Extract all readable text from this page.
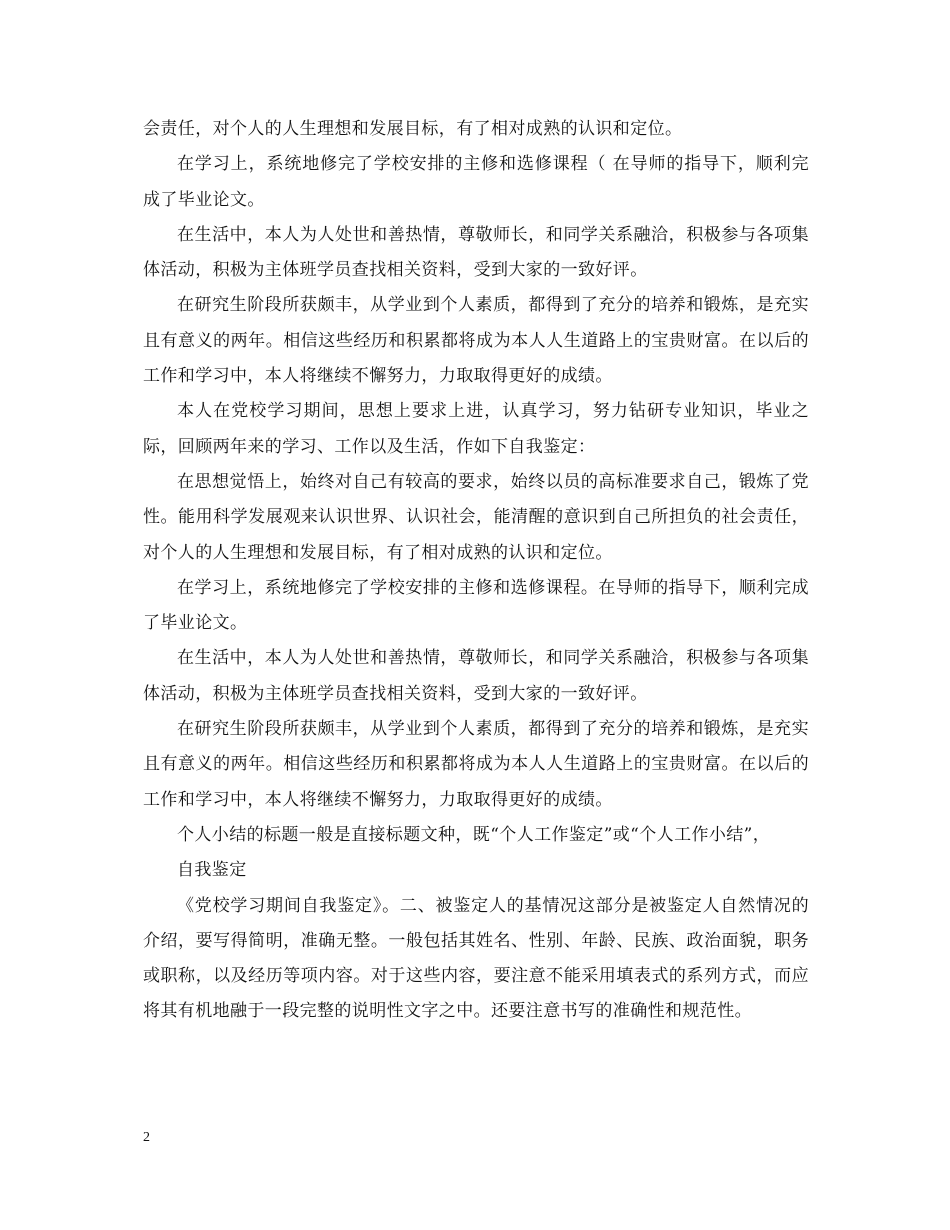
会责任，对个人的人生理想和发展目标，有了相对成熟的认识和定位。

在学习上，系统地修完了学校安排的主修和选修课程（ 在导师的指导下，顺利完成了毕业论文。

在生活中，本人为人处世和善热情，尊敬师长，和同学关系融洽，积极参与各项集体活动，积极为主体班学员查找相关资料，受到大家的一致好评。

在研究生阶段所获颇丰，从学业到个人素质，都得到了充分的培养和锻炼，是充实且有意义的两年。相信这些经历和积累都将成为本人人生道路上的宝贵财富。在以后的工作和学习中，本人将继续不懈努力，力取取得更好的成绩。

本人在党校学习期间，思想上要求上进，认真学习，努力钻研专业知识，毕业之际，回顾两年来的学习、工作以及生活，作如下自我鉴定：

在思想觉悟上，始终对自己有较高的要求，始终以员的高标准要求自己，锻炼了党性。能用科学发展观来认识世界、认识社会，能清醒的意识到自己所担负的社会责任，对个人的人生理想和发展目标，有了相对成熟的认识和定位。

在学习上，系统地修完了学校安排的主修和选修课程。在导师的指导下，顺利完成了毕业论文。

在生活中，本人为人处世和善热情，尊敬师长，和同学关系融洽，积极参与各项集体活动，积极为主体班学员查找相关资料，受到大家的一致好评。

在研究生阶段所获颇丰，从学业到个人素质，都得到了充分的培养和锻炼，是充实且有意义的两年。相信这些经历和积累都将成为本人人生道路上的宝贵财富。在以后的工作和学习中，本人将继续不懈努力，力取取得更好的成绩。

个人小结的标题一般是直接标题文种，既“个人工作鉴定”或“个人工作小结”，

自我鉴定

《党校学习期间自我鉴定》。二、被鉴定人的基情况这部分是被鉴定人自然情况的介绍，要写得简明，准确无整。一般包括其姓名、性别、年龄、民族、政治面貌，职务或职称，以及经历等项内容。对于这些内容，要注意不能采用填表式的系列方式，而应将其有机地融于一段完整的说明性文字之中。还要注意书写的准确性和规范性。

2
